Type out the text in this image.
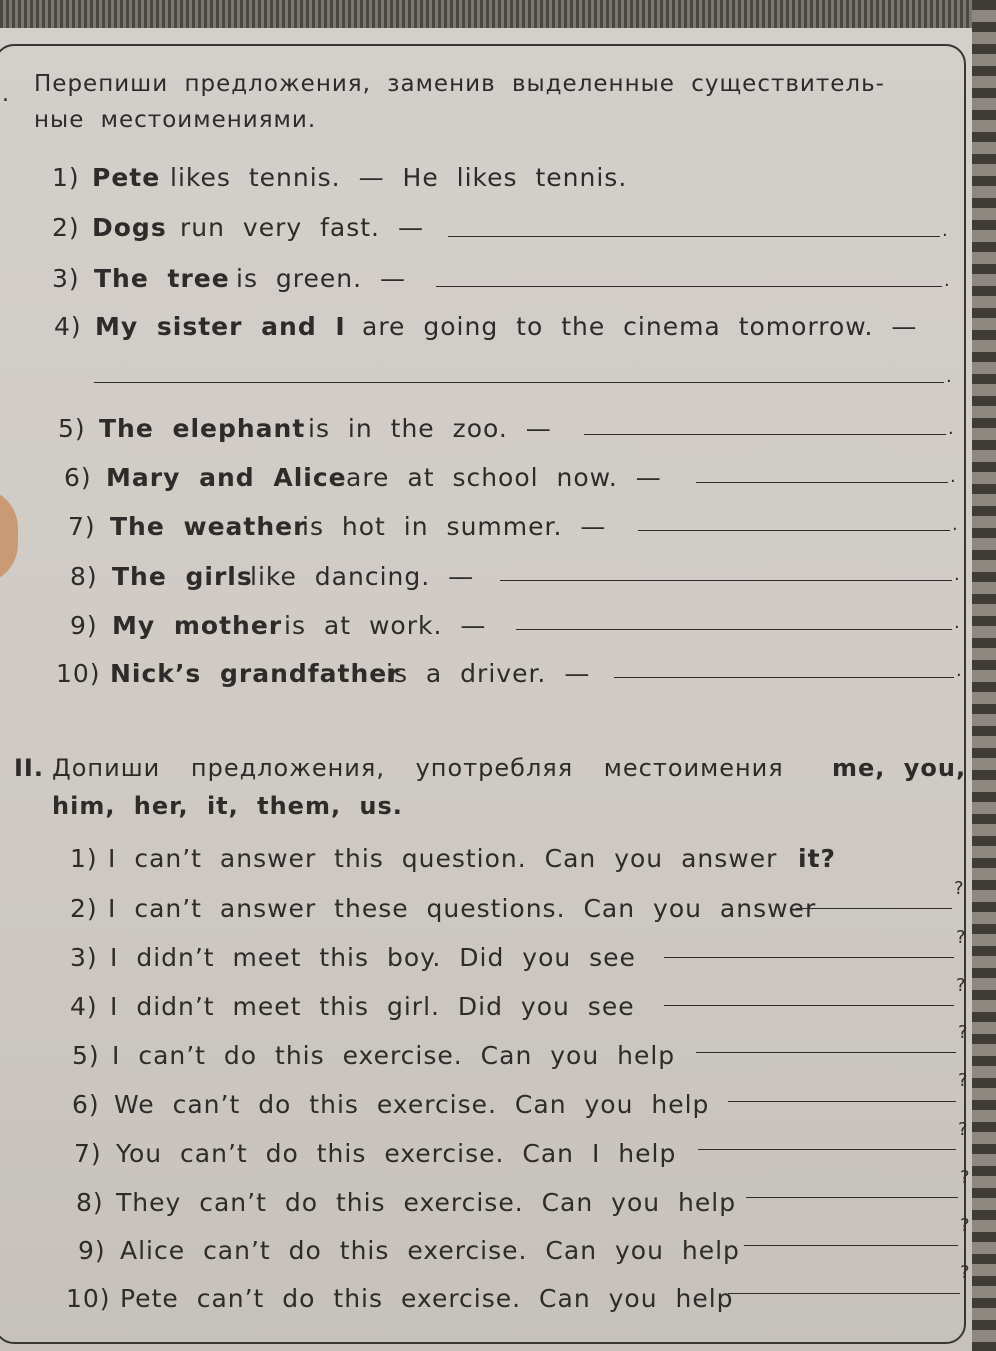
. Перепиши предложения, заменив выделенные существитель-
ные местоимениями.
1) Pete likes tennis. — He likes tennis.
2) Dogs run very fast. —	.
3) The tree is green. —	.
4) My sister and I are going to the cinema tomorrow. —
.
5) The elephant is in the zoo. —	.
6) Mary and Alice are at school now. —	.
7) The weather
is hot in summer. —	.
8) The girls
like dancing. —	.
9) My mother is at work. —	.
10) Nick’s grandfather
is a driver. —	.
II. Допиши предложения, употребляя местоимения me, you,
him, her, it, them, us.
1) I can’t answer this question. Can you answer it?
2) I can’t answer these questions. Can you answer
?
3) I didn’t meet this boy. Did you see
?
4) I didn’t meet this girl. Did you see
?
5) I can’t do this exercise. Can you help
?
6) We can’t do this exercise. Can you help
?
7) You can’t do this exercise. Can I help
?
8) They can’t do this exercise. Can you help
?
9) Alice can’t do this exercise. Can you help
?
10) Pete can’t do this exercise. Can you help
?
